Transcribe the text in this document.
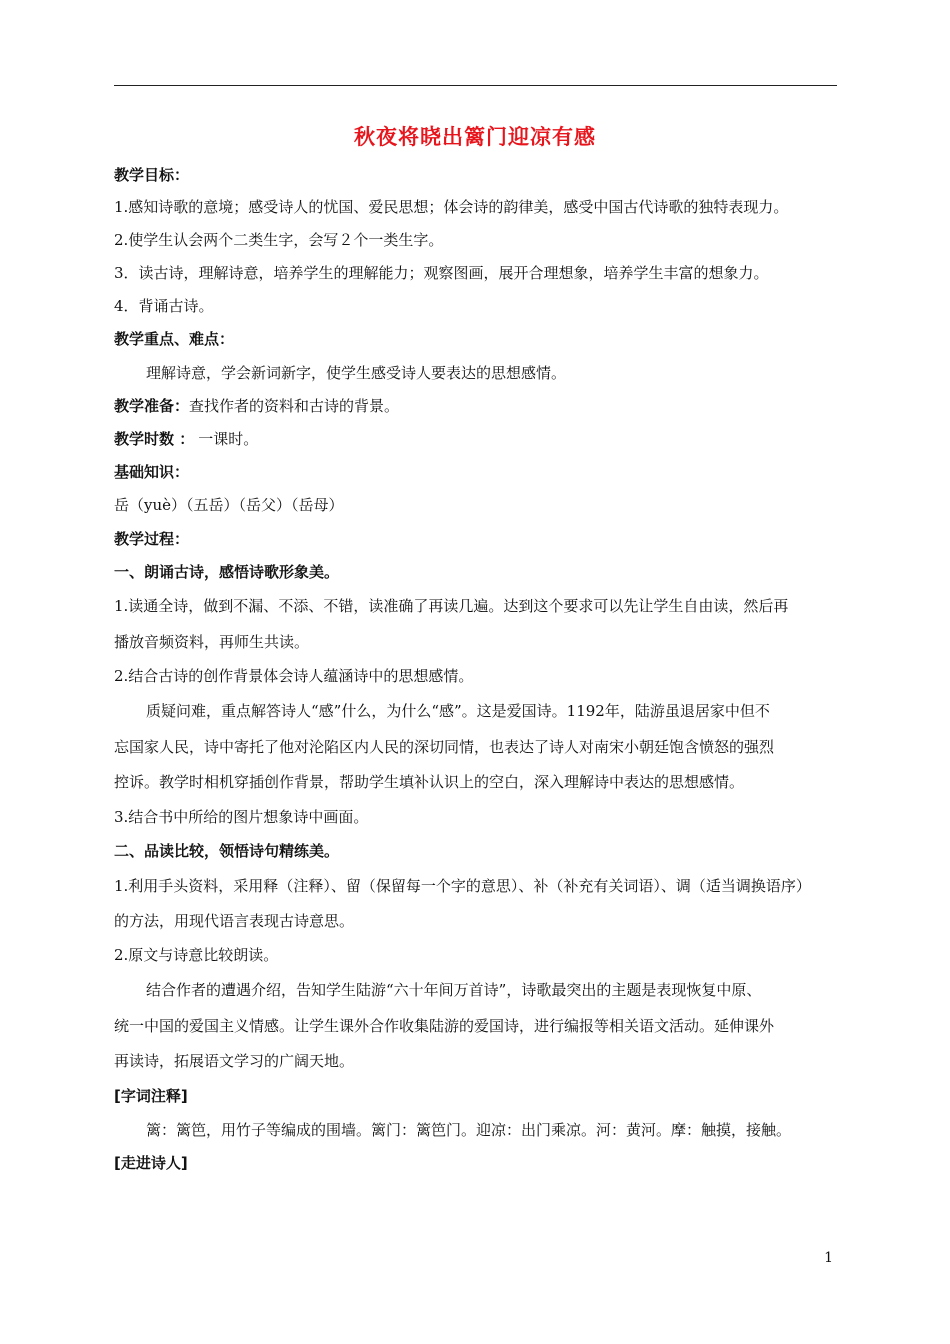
秋夜将晓出篱门迎凉有感
教学目标：
1.感知诗歌的意境；感受诗人的忧国、爱民思想；体会诗的韵律美，感受中国古代诗歌的独特表现力。
2.使学生认会两个二类生字，会写２个一类生字。
3．读古诗，理解诗意，培养学生的理解能力；观察图画，展开合理想象，培养学生丰富的想象力。
4．背诵古诗。
教学重点、难点：
理解诗意，学会新词新字，使学生感受诗人要表达的思想感情。
教学准备：查找作者的资料和古诗的背景。
教学时数 ： 一课时。
基础知识：
岳（yuè）（五岳）（岳父）（岳母）
教学过程：
一、朗诵古诗，感悟诗歌形象美。
1.读通全诗，做到不漏、不添、不错，读准确了再读几遍。达到这个要求可以先让学生自由读，然后再
播放音频资料，再师生共读。
2.结合古诗的创作背景体会诗人蕴涵诗中的思想感情。
质疑问难，重点解答诗人“感”什么，为什么“感”。这是爱国诗。1192年，陆游虽退居家中但不
忘国家人民，诗中寄托了他对沦陷区内人民的深切同情，也表达了诗人对南宋小朝廷饱含愤怒的强烈
控诉。教学时相机穿插创作背景，帮助学生填补认识上的空白，深入理解诗中表达的思想感情。
3.结合书中所给的图片想象诗中画面。
二、品读比较，领悟诗句精练美。
1.利用手头资料，采用释（注释）、留（保留每一个字的意思）、补（补充有关词语）、调（适当调换语序）
的方法，用现代语言表现古诗意思。
2.原文与诗意比较朗读。
结合作者的遭遇介绍，告知学生陆游“六十年间万首诗”，诗歌最突出的主题是表现恢复中原、
统一中国的爱国主义情感。让学生课外合作收集陆游的爱国诗，进行编报等相关语文活动。延伸课外
再读诗，拓展语文学习的广阔天地。
[字词注释]
篱：篱笆，用竹子等编成的围墙。篱门：篱笆门。迎凉：出门乘凉。河：黄河。摩：触摸，接触。
[走进诗人]
1
